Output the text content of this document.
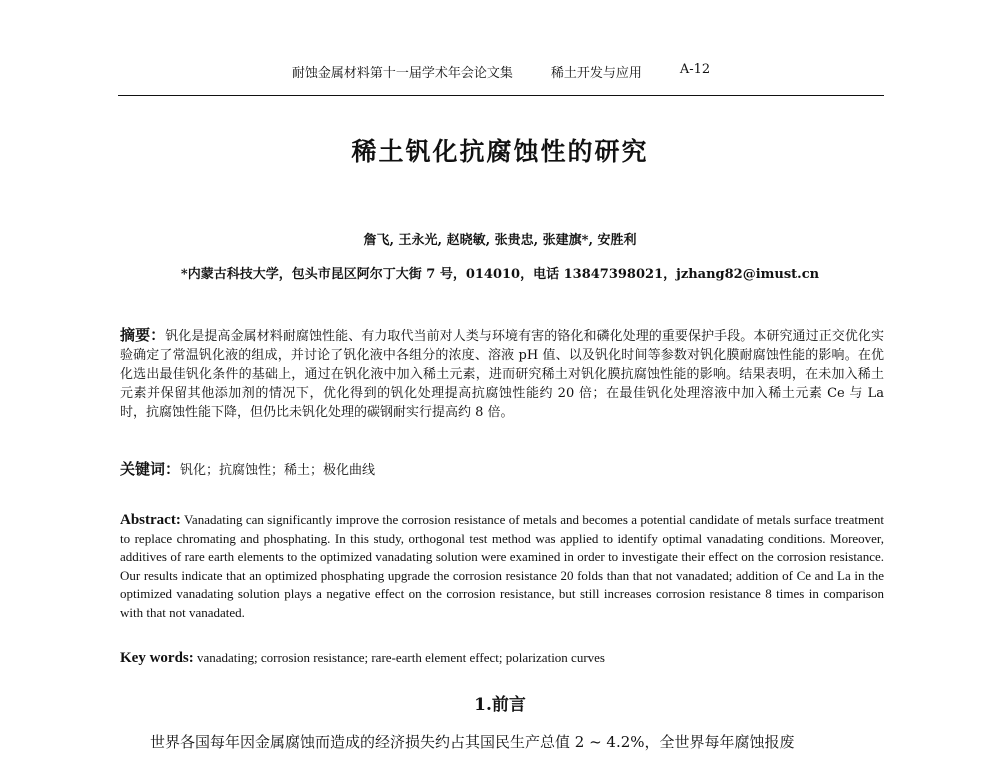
耐蚀金属材料第十一届学术年会论文集	稀土开发与应用	A-12
稀土钒化抗腐蚀性的研究
詹飞, 王永光, 赵晓敏, 张贵忠, 张建旗*, 安胜利
*内蒙古科技大学，包头市昆区阿尔丁大街 7 号，014010，电话 13847398021，jzhang82@imust.cn
摘要：钒化是提高金属材料耐腐蚀性能、有力取代当前对人类与环境有害的铬化和磷化处理的重要保护手段。本研究通过正交优化实验确定了常温钒化液的组成，并讨论了钒化液中各组分的浓度、溶液 pH 值、以及钒化时间等参数对钒化膜耐腐蚀性能的影响。在优化选出最佳钒化条件的基础上，通过在钒化液中加入稀土元素，进而研究稀土对钒化膜抗腐蚀性能的影响。结果表明，在未加入稀土元素并保留其他添加剂的情况下，优化得到的钒化处理提高抗腐蚀性能约 20 倍；在最佳钒化处理溶液中加入稀土元素 Ce 与 La 时，抗腐蚀性能下降，但仍比未钒化处理的碳钢耐实行提高约 8 倍。
关键词：钒化；抗腐蚀性；稀土；极化曲线
Abstract: Vanadating can significantly improve the corrosion resistance of metals and becomes a potential candidate of metals surface treatment to replace chromating and phosphating. In this study, orthogonal test method was applied to identify optimal vanadating conditions. Moreover, additives of rare earth elements to the optimized vanadating solution were examined in order to investigate their effect on the corrosion resistance. Our results indicate that an optimized phosphating upgrade the corrosion resistance 20 folds than that not vanadated; addition of Ce and La in the optimized vanadating solution plays a negative effect on the corrosion resistance, but still increases corrosion resistance 8 times in comparison with that not vanadated.
Key words: vanadating; corrosion resistance; rare-earth element effect; polarization curves
1.前言
世界各国每年因金属腐蚀而造成的经济损失约占其国民生产总值 2 ~ 4.2%，全世界每年腐蚀报废
